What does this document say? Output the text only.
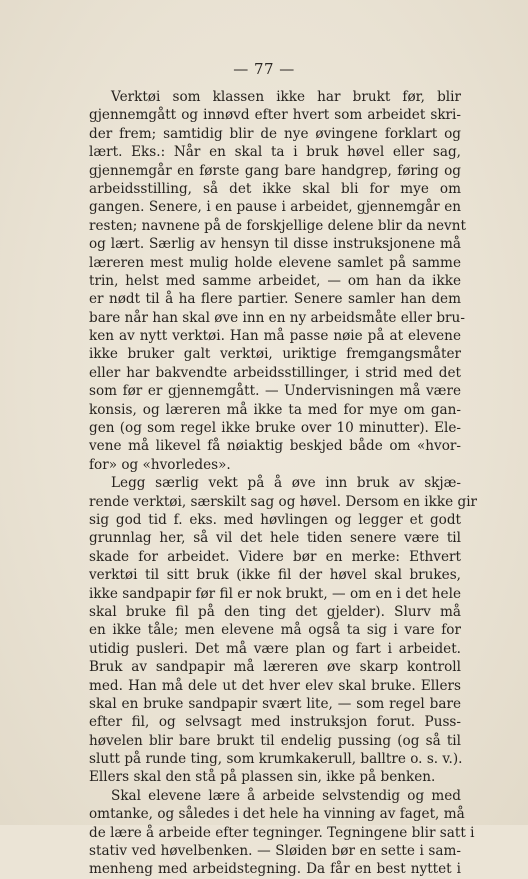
— 77 —
Verktøi som klassen ikke har brukt før, blir
gjennemgått og innøvd efter hvert som arbeidet skri-
der frem; samtidig blir de nye øvingene forklart og
lært. Eks.: Når en skal ta i bruk høvel eller sag,
gjennemgår en første gang bare handgrep, føring og
arbeidsstilling, så det ikke skal bli for mye om
gangen. Senere, i en pause i arbeidet, gjennemgår en
resten; navnene på de forskjellige delene blir da nevnt
og lært. Særlig av hensyn til disse instruksjonene må
læreren mest mulig holde elevene samlet på samme
trin, helst med samme arbeidet, — om han da ikke
er nødt til å ha flere partier. Senere samler han dem
bare når han skal øve inn en ny arbeidsmåte eller bru-
ken av nytt verktøi. Han må passe nøie på at elevene
ikke bruker galt verktøi, uriktige fremgangsmåter
eller har bakvendte arbeidsstillinger, i strid med det
som før er gjennemgått. — Undervisningen må være
konsis, og læreren må ikke ta med for mye om gan-
gen (og som regel ikke bruke over 10 minutter). Ele-
vene må likevel få nøiaktig beskjed både om «hvor-
for» og «hvorledes».
Legg særlig vekt på å øve inn bruk av skjæ-
rende verktøi, særskilt sag og høvel. Dersom en ikke gir
sig god tid f. eks. med høvlingen og legger et godt
grunnlag her, så vil det hele tiden senere være til
skade for arbeidet. Videre bør en merke: Ethvert
verktøi til sitt bruk (ikke fil der høvel skal brukes,
ikke sandpapir før fil er nok brukt, — om en i det hele
skal bruke fil på den ting det gjelder). Slurv må
en ikke tåle; men elevene må også ta sig i vare for
utidig pusleri. Det må være plan og fart i arbeidet.
Bruk av sandpapir må læreren øve skarp kontroll
med. Han må dele ut det hver elev skal bruke. Ellers
skal en bruke sandpapir svært lite, — som regel bare
efter fil, og selvsagt med instruksjon forut. Puss-
høvelen blir bare brukt til endelig pussing (og så til
slutt på runde ting, som krumkakerull, balltre o. s. v.).
Ellers skal den stå på plassen sin, ikke på benken.
Skal elevene lære å arbeide selvstendig og med
omtanke, og således i det hele ha vinning av faget, må
de lære å arbeide efter tegninger. Tegningene blir satt i
stativ ved høvelbenken. — Sløiden bør en sette i sam-
menheng med arbeidstegning. Da får en best nyttet i
